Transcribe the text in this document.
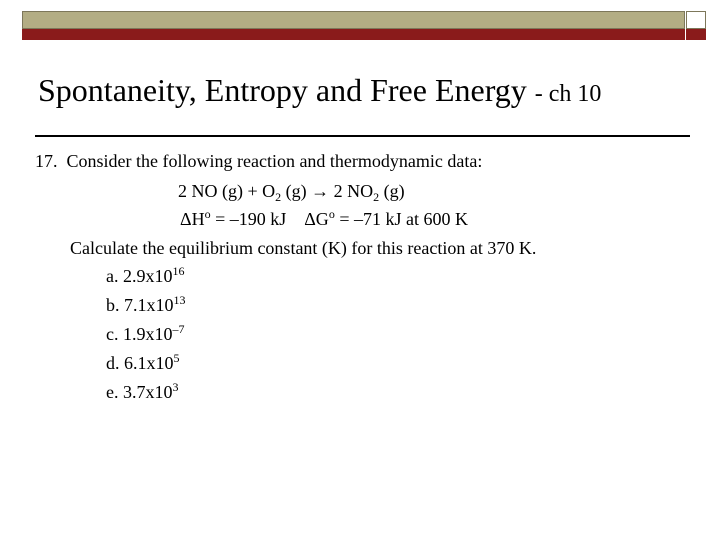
Spontaneity, Entropy and Free Energy - ch 10
17. Consider the following reaction and thermodynamic data:
2 NO $(g) + O_2$ (g) → 2 $NO_2$ (g)
$\Delta H^o = -190$ kJ $\Delta G^o = -71$ kJ at 600 K
Calculate the equilibrium constant (K) for this reaction at 370 K.
a. $2.9x10^{16}$
b. $7.1x10^{13}$
c. $1.9x10^{-7}$
d. $6.1x10^5$
e. $3.7x10^3$
